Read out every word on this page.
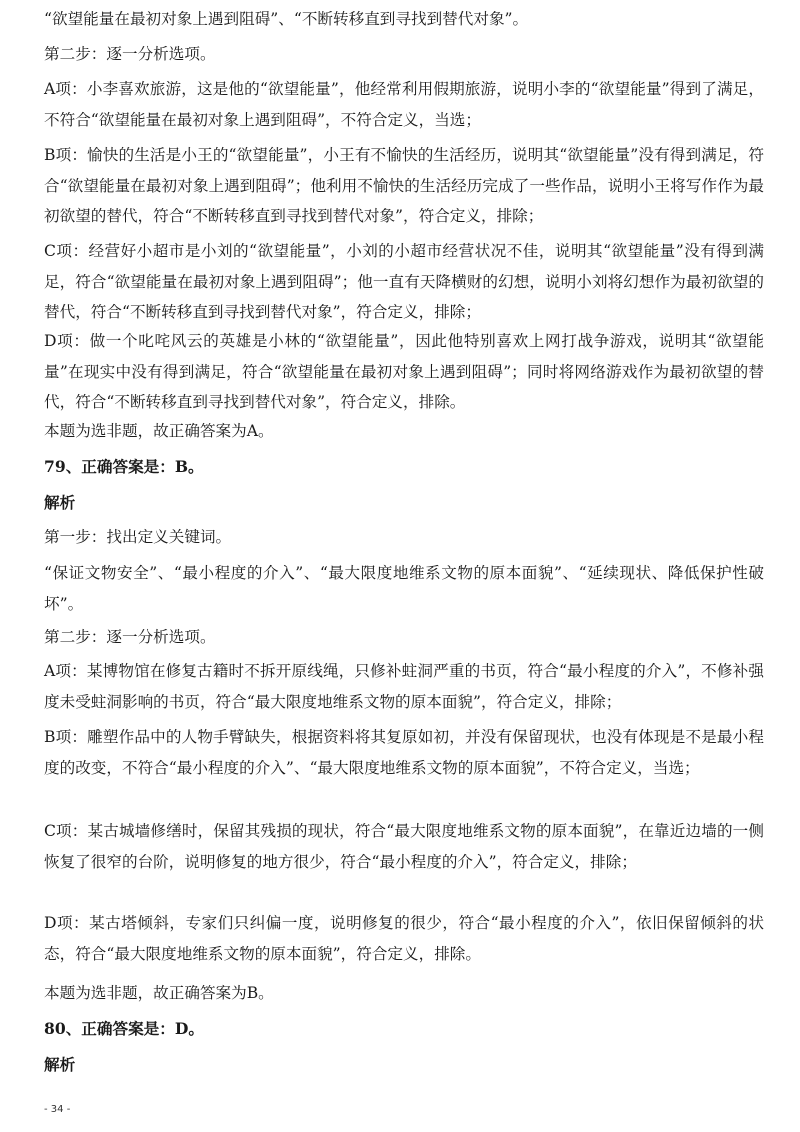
“欲望能量在最初对象上遇到阻碍”、“不断转移直到寻找到替代对象”。

第二步：逐一分析选项。

A项：小李喜欢旅游，这是他的“欲望能量”，他经常利用假期旅游，说明小李的“欲望能量”得到了满足，不符合“欲望能量在最初对象上遇到阻碍”，不符合定义，当选；

B项：愉快的生活是小王的“欲望能量”，小王有不愉快的生活经历，说明其“欲望能量”没有得到满足，符合“欲望能量在最初对象上遇到阻碍”；他利用不愉快的生活经历完成了一些作品，说明小王将写作作为最初欲望的替代，符合“不断转移直到寻找到替代对象”，符合定义，排除；

C项：经营好小超市是小刘的“欲望能量”，小刘的小超市经营状况不佳，说明其“欲望能量”没有得到满足，符合“欲望能量在最初对象上遇到阻碍”；他一直有天降横财的幻想，说明小刘将幻想作为最初欲望的替代，符合“不断转移直到寻找到替代对象”，符合定义，排除；

D项：做一个叱咤风云的英雄是小林的“欲望能量”，因此他特别喜欢上网打战争游戏，说明其“欲望能量”在现实中没有得到满足，符合“欲望能量在最初对象上遇到阻碍”；同时将网络游戏作为最初欲望的替代，符合“不断转移直到寻找到替代对象”，符合定义，排除。

本题为选非题，故正确答案为A。

79、正确答案是：B。

解析

第一步：找出定义关键词。

“保证文物安全”、“最小程度的介入”、“最大限度地维系文物的原本面貌”、“延续现状、降低保护性破坏”。

第二步：逐一分析选项。

A项：某博物馆在修复古籍时不拆开原线绳，只修补蛀洞严重的书页，符合“最小程度的介入”，不修补强度未受蛀洞影响的书页，符合“最大限度地维系文物的原本面貌”，符合定义，排除；

B项：雕塑作品中的人物手臂缺失，根据资料将其复原如初，并没有保留现状，也没有体现是不是最小程度的改变，不符合“最小程度的介入”、“最大限度地维系文物的原本面貌”，不符合定义，当选；

C项：某古城墙修缮时，保留其残损的现状，符合“最大限度地维系文物的原本面貌”，在靠近边墙的一侧恢复了很窄的台阶，说明修复的地方很少，符合“最小程度的介入”，符合定义，排除；

D项：某古塔倾斜，专家们只纠偏一度，说明修复的很少，符合“最小程度的介入”，依旧保留倾斜的状态，符合“最大限度地维系文物的原本面貌”，符合定义，排除。

本题为选非题，故正确答案为B。

80、正确答案是：D。

解析

- 34 -
